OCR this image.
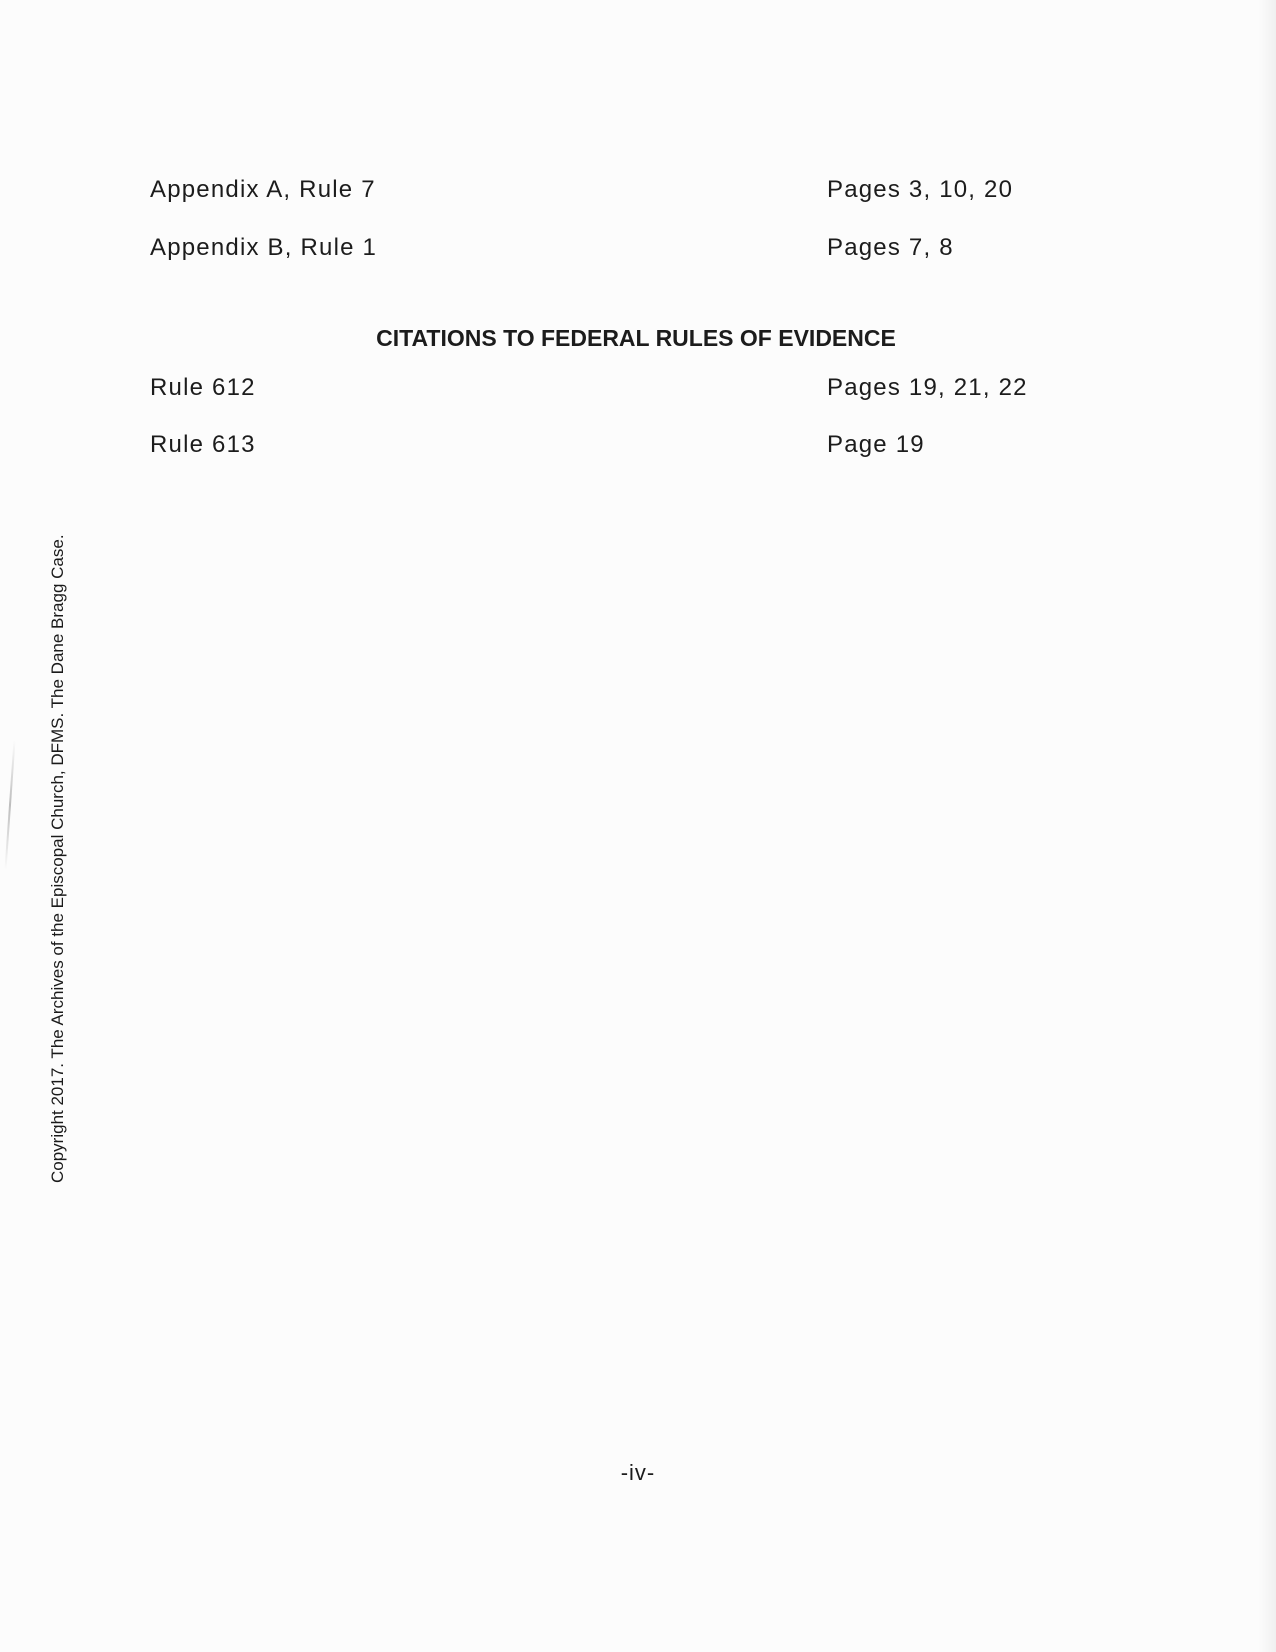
Copyright 2017. The Archives of the Episcopal Church, DFMS. The Dane Bragg Case.
Appendix A, Rule 7	Pages 3, 10, 20
Appendix B, Rule 1	Pages 7, 8
CITATIONS TO FEDERAL RULES OF EVIDENCE
Rule 612	Pages 19, 21, 22
Rule 613	Page 19
-iv-
